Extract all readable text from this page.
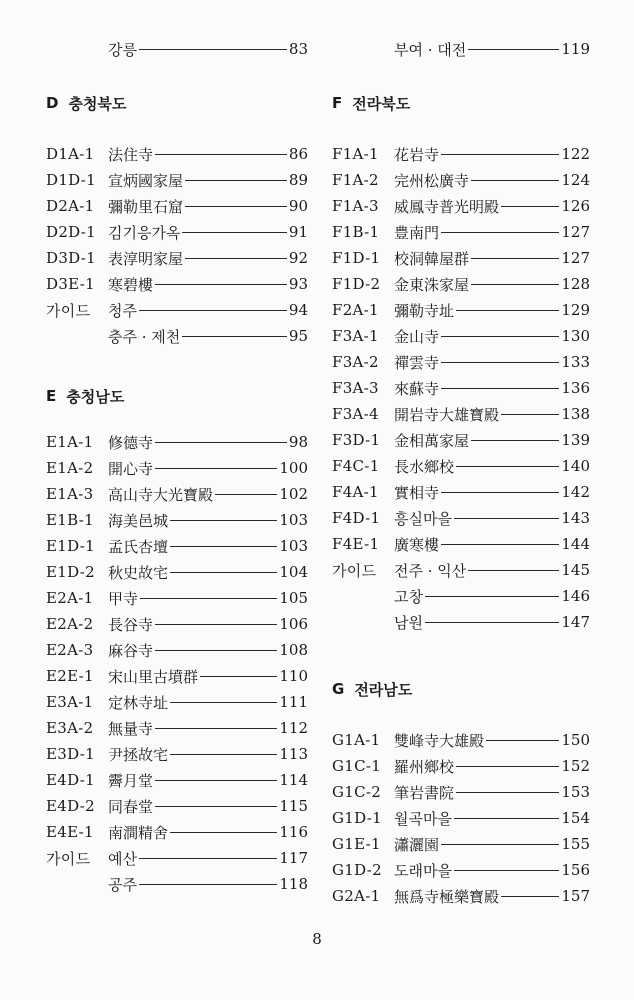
강릉	83
D 충청북도
D1A-1 法住寺	86
D1D-1 宣炳國家屋	89
D2A-1 彌勒里石窟	90
D2D-1 김기응가옥	91
D3D-1 表淳明家屋	92
D3E-1 寒碧樓	93
가이드	청주	94
충주 · 제천	95
E 충청남도
E1A-1 修德寺	98
E1A-2 開心寺	100
E1A-3 高山寺大光寶殿	102
E1B-1 海美邑城	103
E1D-1 孟氏杏壇	103
E1D-2 秋史故宅	104
E2A-1 甲寺	105
E2A-2 長谷寺	106
E2A-3 麻谷寺	108
E2E-1 宋山里古墳群	110
E3A-1 定林寺址	111
E3A-2 無量寺	112
E3D-1 尹拯故宅	113
E4D-1 霽月堂	114
E4D-2 同春堂	115
E4E-1 南澗精舍	116
가이드	예산	117
공주	118
부여 · 대전	119
F 전라북도
F1A-1	花岩寺	122
F1A-2	完州松廣寺	124
F1A-3	威鳳寺普光明殿	126
F1B-1 豊南門	127
F1D-1 校洞韓屋群	127
F1D-2 金東洙家屋	128
F2A-1	彌勒寺址	129
F3A-1	金山寺	130
F3A-2	禪雲寺	133
F3A-3	來蘇寺	136
F3A-4	開岩寺大雄寶殿	138
F3D-1 金相萬家屋	139
F4C-1 長水鄉校	140
F4A-1	實相寺	142
F4D-1 흥실마을	143
F4E-1 廣寒樓	144
가이드	전주 · 익산	145
고창	146
남원	147
G 전라남도
G1A-1 雙峰寺大雄殿	150
G1C-1 羅州鄉校	152
G1C-2 筆岩書院	153
G1D-1 월곡마을	154
G1E-1 瀟灑園	155
G1D-2 도래마을	156
G2A-1 無爲寺極樂寶殿	157
8
